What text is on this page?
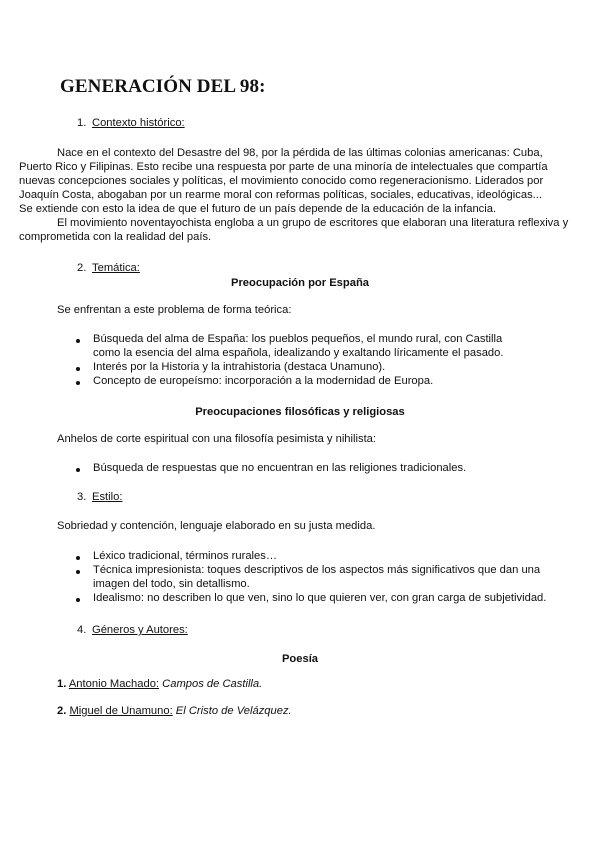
GENERACIÓN DEL 98:
1. Contexto histórico:
Nace en el contexto del Desastre del 98, por la pérdida de las últimas colonias americanas: Cuba,
Puerto Rico y Filipinas. Esto recibe una respuesta por parte de una minoría de intelectuales que compartía
nuevas concepciones sociales y políticas, el movimiento conocido como regeneracionismo. Liderados por
Joaquín Costa, abogaban por un rearme moral con reformas políticas, sociales, educativas, ideológicas...
Se extiende con esto la idea de que el futuro de un país depende de la educación de la infancia.
El movimiento noventayochista engloba a un grupo de escritores que elaboran una literatura reflexiva y
comprometida con la realidad del país.
2. Temática:
Preocupación por España
Se enfrentan a este problema de forma teórica:
Búsqueda del alma de España: los pueblos pequeños, el mundo rural, con Castilla
como la esencia del alma española, idealizando y exaltando líricamente el pasado.
Interés por la Historia y la intrahistoria (destaca Unamuno).
Concepto de europeísmo: incorporación a la modernidad de Europa.
Preocupaciones filosóficas y religiosas
Anhelos de corte espiritual con una filosofía pesimista y nihilista:
Búsqueda de respuestas que no encuentran en las religiones tradicionales.
3. Estilo:
Sobriedad y contención, lenguaje elaborado en su justa medida.
Léxico tradicional, términos rurales…
Técnica impresionista: toques descriptivos de los aspectos más significativos que dan una
imagen del todo, sin detallismo.
Idealismo: no describen lo que ven, sino lo que quieren ver, con gran carga de subjetividad.
4. Géneros y Autores:
Poesía
1. Antonio Machado: Campos de Castilla.
2. Miguel de Unamuno: El Cristo de Velázquez.
